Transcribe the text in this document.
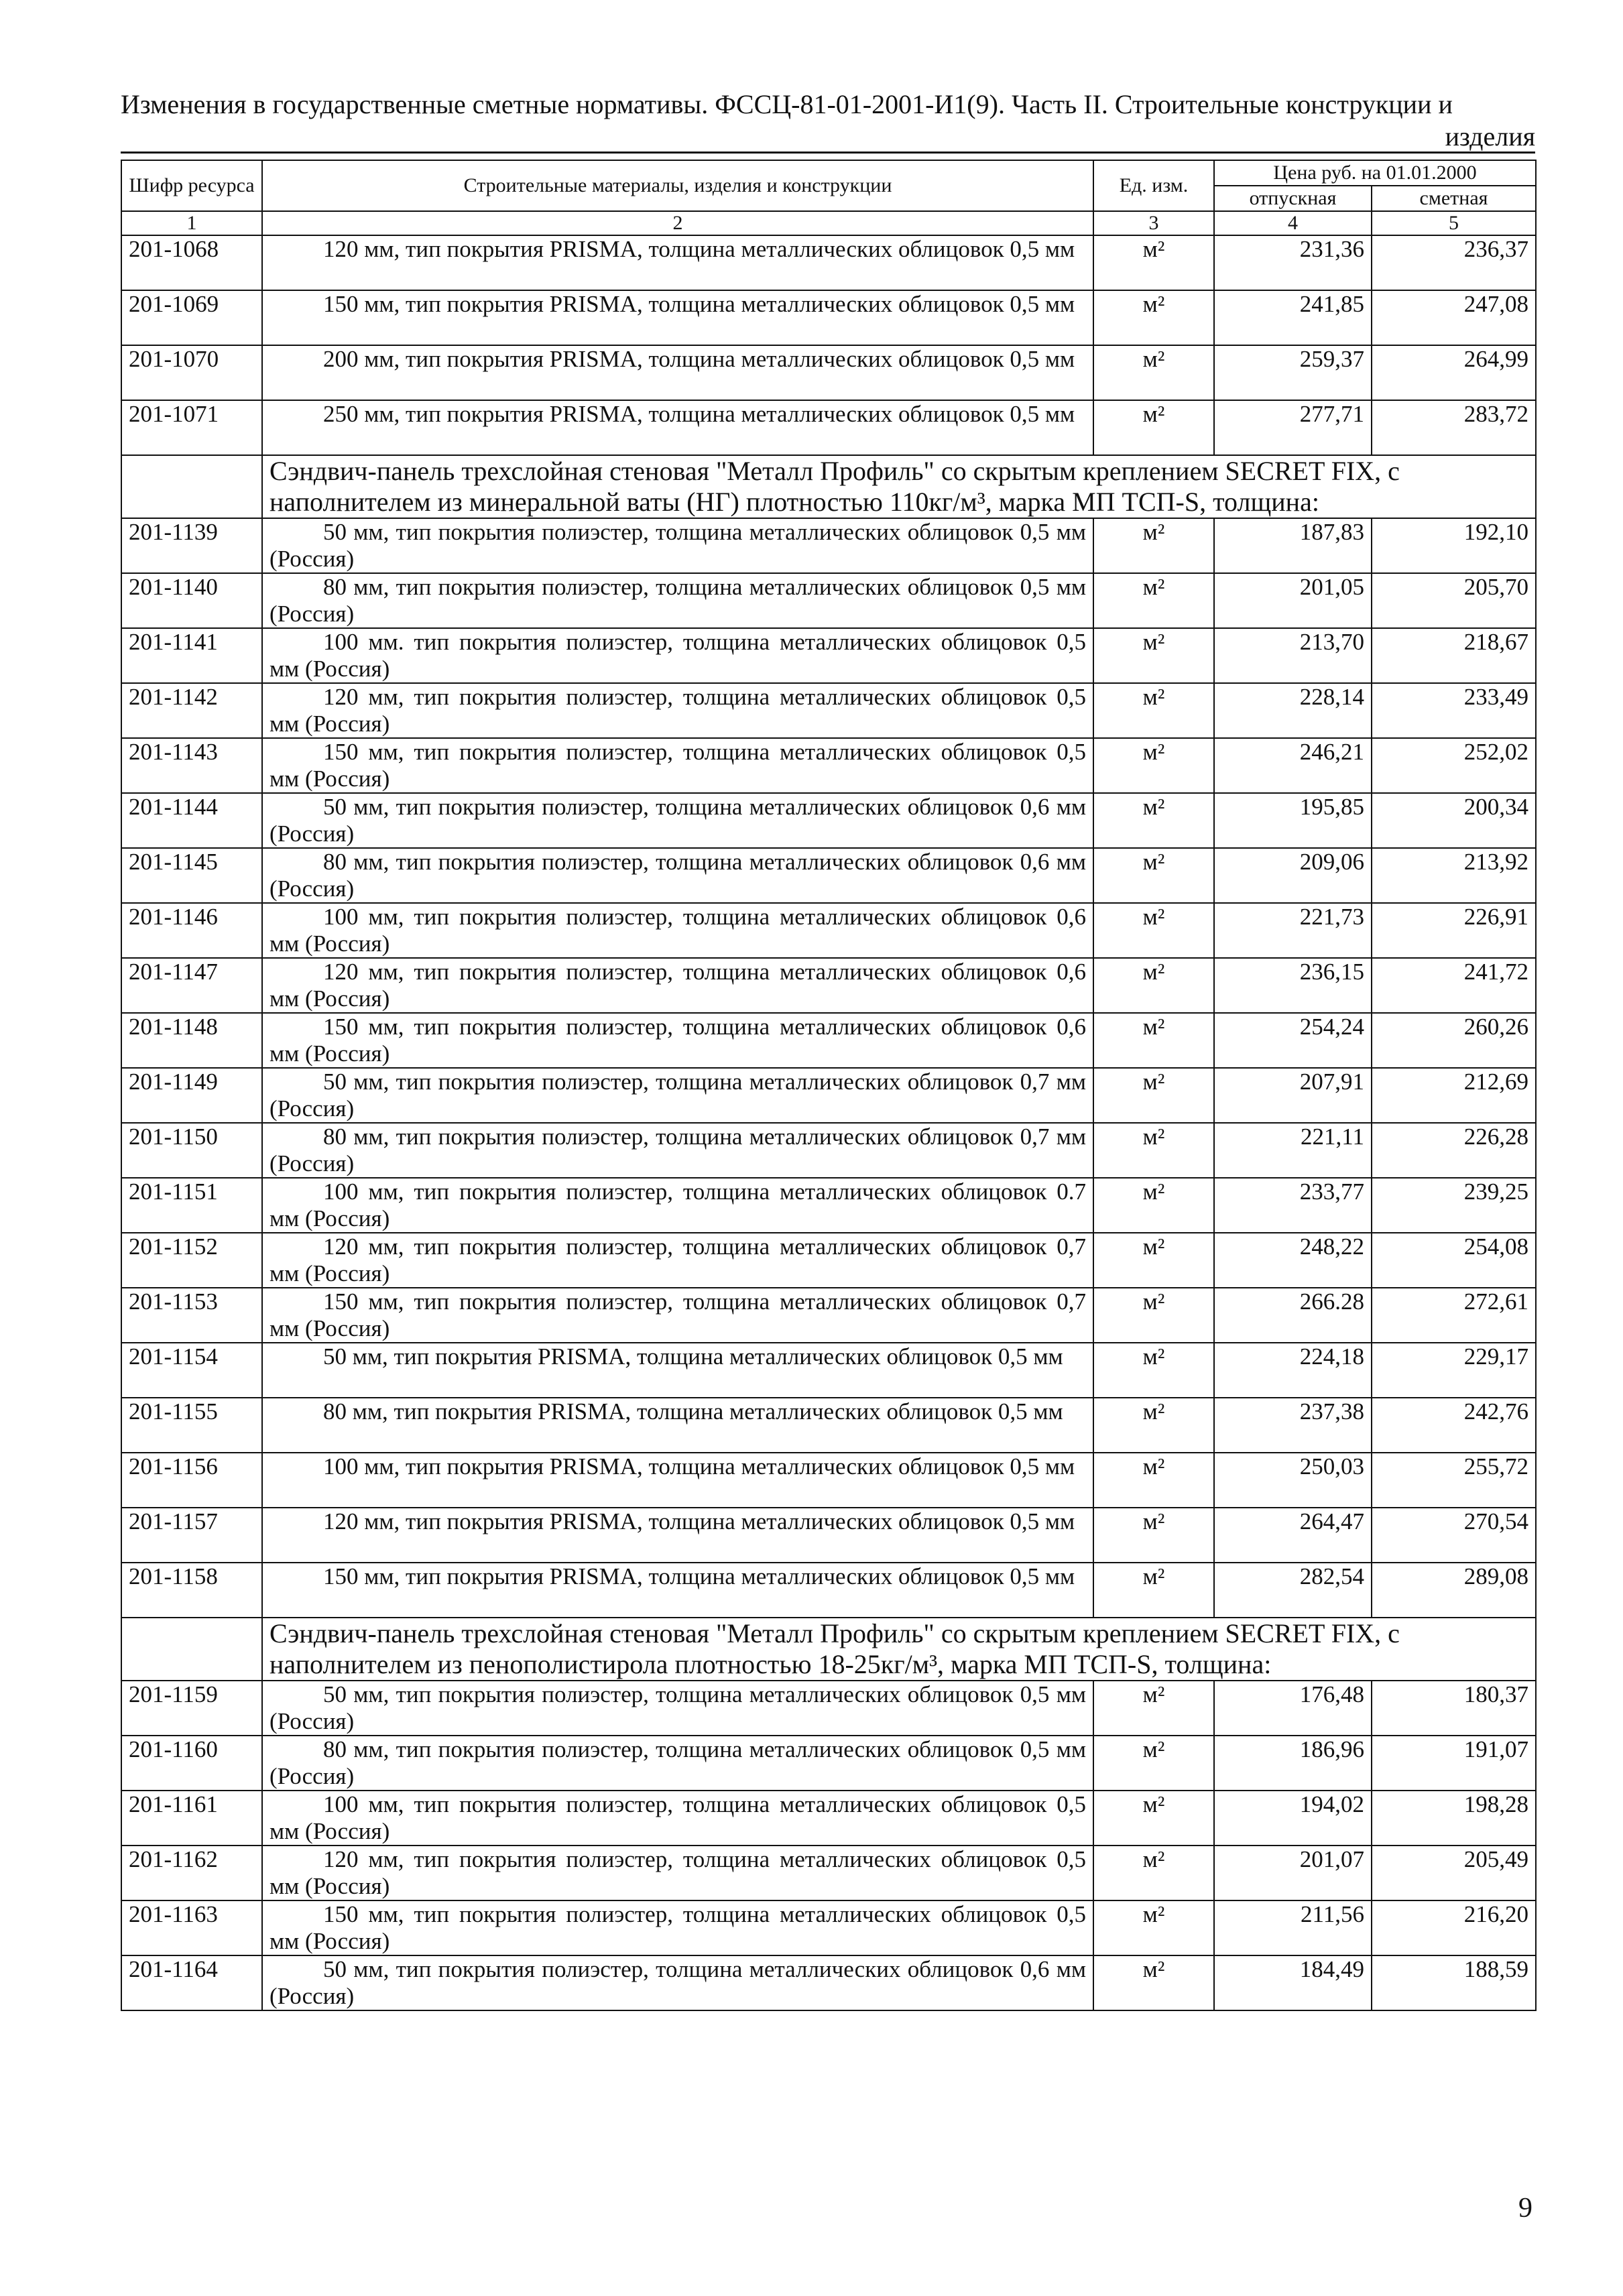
Изменения в государственные сметные нормативы. ФССЦ-81-01-2001-И1(9). Часть II. Строительные конструкции и
изделия
Шифр ресурса	Строительные материалы, изделия и конструкции	Ед. изм.	Цена руб. на 01.01.2000	
			отпускная	сметная
1	2	3	4	5
201-1068	120 мм, тип покрытия PRISMA, толщина металлических облицовок 0,5 мм	м²	231,36	236,37
201-1069	150 мм, тип покрытия PRISMA, толщина металлических облицовок 0,5 мм	м²	241,85	247,08
201-1070	200 мм, тип покрытия PRISMA, толщина металлических облицовок 0,5 мм	м²	259,37	264,99
201-1071	250 мм, тип покрытия PRISMA, толщина металлических облицовок 0,5 мм	м²	277,71	283,72
	Сэндвич-панель трехслойная стеновая "Металл Профиль" со скрытым креплением SECRET FIX, с наполнителем из минеральной ваты (НГ) плотностью 110кг/м³, марка МП ТСП-S, толщина:			
201-1139	50 мм, тип покрытия полиэстер, толщина металлических облицовок 0,5 мм (Россия)	м²	187,83	192,10
201-1140	80 мм, тип покрытия полиэстер, толщина металлических облицовок 0,5 мм (Россия)	м²	201,05	205,70
201-1141	100 мм. тип покрытия полиэстер, толщина металлических облицовок 0,5 мм (Россия)	м²	213,70	218,67
201-1142	120 мм, тип покрытия полиэстер, толщина металлических облицовок 0,5 мм (Россия)	м²	228,14	233,49
201-1143	150 мм, тип покрытия полиэстер, толщина металлических облицовок 0,5 мм (Россия)	м²	246,21	252,02
201-1144	50 мм, тип покрытия полиэстер, толщина металлических облицовок 0,6 мм (Россия)	м²	195,85	200,34
201-1145	80 мм, тип покрытия полиэстер, толщина металлических облицовок 0,6 мм (Россия)	м²	209,06	213,92
201-1146	100 мм, тип покрытия полиэстер, толщина металлических облицовок 0,6 мм (Россия)	м²	221,73	226,91
201-1147	120 мм, тип покрытия полиэстер, толщина металлических облицовок 0,6 мм (Россия)	м²	236,15	241,72
201-1148	150 мм, тип покрытия полиэстер, толщина металлических облицовок 0,6 мм (Россия)	м²	254,24	260,26
201-1149	50 мм, тип покрытия полиэстер, толщина металлических облицовок 0,7 мм (Россия)	м²	207,91	212,69
201-1150	80 мм, тип покрытия полиэстер, толщина металлических облицовок 0,7 мм (Россия)	м²	221,11	226,28
201-1151	100 мм, тип покрытия полиэстер, толщина металлических облицовок 0.7 мм (Россия)	м²	233,77	239,25
201-1152	120 мм, тип покрытия полиэстер, толщина металлических облицовок 0,7 мм (Россия)	м²	248,22	254,08
201-1153	150 мм, тип покрытия полиэстер, толщина металлических облицовок 0,7 мм (Россия)	м²	266.28	272,61
201-1154	50 мм, тип покрытия PRISMA, толщина металлических облицовок 0,5 мм	м²	224,18	229,17
201-1155	80 мм, тип покрытия PRISMA, толщина металлических облицовок 0,5 мм	м²	237,38	242,76
201-1156	100 мм, тип покрытия PRISMA, толщина металлических облицовок 0,5 мм	м²	250,03	255,72
201-1157	120 мм, тип покрытия PRISMA, толщина металлических облицовок 0,5 мм	м²	264,47	270,54
201-1158	150 мм, тип покрытия PRISMA, толщина металлических облицовок 0,5 мм	м²	282,54	289,08
	Сэндвич-панель трехслойная стеновая "Металл Профиль" со скрытым креплением SECRET FIX, с наполнителем из пенополистирола плотностью 18-25кг/м³, марка МП ТСП-S, толщина:			
201-1159	50 мм, тип покрытия полиэстер, толщина металлических облицовок 0,5 мм (Россия)	м²	176,48	180,37
201-1160	80 мм, тип покрытия полиэстер, толщина металлических облицовок 0,5 мм (Россия)	м²	186,96	191,07
201-1161	100 мм, тип покрытия полиэстер, толщина металлических облицовок 0,5 мм (Россия)	м²	194,02	198,28
201-1162	120 мм, тип покрытия полиэстер, толщина металлических облицовок 0,5 мм (Россия)	м²	201,07	205,49
201-1163	150 мм, тип покрытия полиэстер, толщина металлических облицовок 0,5 мм (Россия)	м²	211,56	216,20
201-1164	50 мм, тип покрытия полиэстер, толщина металлических облицовок 0,6 мм (Россия)	м²	184,49	188,59
9
